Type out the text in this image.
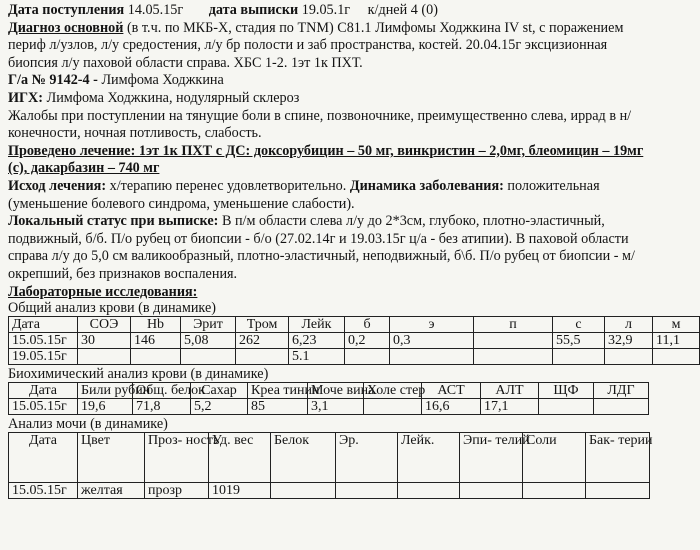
Дата поступления 14.05.15г дата выписки 19.05.1г к/дней 4 (0)

Диагноз основной (в т.ч. по МКБ-Х, стадия по TNM) С81.1 Лимфомы Ходжкина IV st, с поражением периф л/узлов, л/у средостения, л/у бр полости и заб пространства, костей. 20.04.15г эксцизионная биопсия л/у паховой области справа. ХБС 1-2. 1эт 1к ПХТ.

Г/а № 9142-4 - Лимфома Ходжкина

ИГХ: Лимфома Ходжкина, нодулярный склероз

Жалобы при поступлении на тянущие боли в спине, позвоночнике, преимущественно слева, иррад в н/конечности, ночная потливость, слабость.

Проведено лечение: 1эт 1к ПХТ с ДС: доксорубицин – 50 мг, винкристин – 2,0мг, блеомицин – 19мг (с), дакарбазин – 740 мг

Исход лечения: х/терапию перенес удовлетворительно. Динамика заболевания: положительная (уменьшение болевого синдрома, уменьшение слабости).

Локальный статус при выписке: В п/м области слева л/у до 2*3см, глубоко, плотно-эластичный, подвижный, б/б. П/о рубец от биопсии - б/о (27.02.14г и 19.03.15г ц/а - без атипии). В паховой области справа л/у до 5,0 см валикообразный, плотно-эластичный, неподвижный, б\б. П/о рубец от биопсии - м/окрепший, без признаков воспаления.

Лабораторные исследования:

Общий анализ крови (в динамике)

Дата	СОЭ	Hb	Эрит	Тром	Лейк	б	э	п	с	л	м
15.05.15г	30	146	5,08	262	6,23	0,2	0,3		55,5	32,9	11,1
19.05.15г					5.1						

Биохимический анализ крови (в динамике)

Дата	Били рубин	Общ. белок	Сахар	Креа тинин	Моче вина	Холе стер	АСТ	АЛТ	ЩФ	ЛДГ
15.05.15г	19,6	71,8	5,2	85	3,1		16,6	17,1		

Анализ мочи (в динамике)

Дата	Цвет	Проз- ность	Уд. вес	Белок	Эр.	Лейк.	Эпи- телий	Соли	Бак- терии
15.05.15г	желтая	прозр	1019						
